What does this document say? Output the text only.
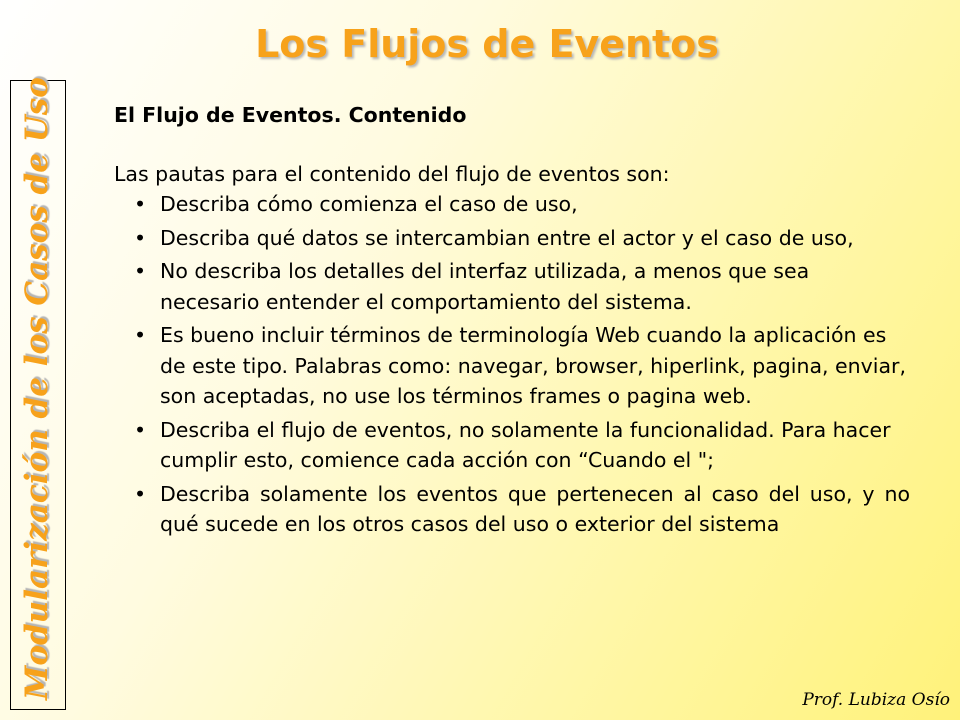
Los Flujos de Eventos
Modularización de los Casos de Uso	El Flujo de Eventos. Contenido

Las pautas para el contenido del flujo de eventos son:

• Describa cómo comienza el caso de uso,
• Describa qué datos se intercambian entre el actor y el caso de uso,
• No describa los detalles del interfaz utilizada, a menos que sea necesario entender el comportamiento del sistema.
• Es bueno incluir términos de terminología Web cuando la aplicación es de este tipo. Palabras como: navegar, browser, hiperlink, pagina, enviar, son aceptadas, no use los términos frames o pagina web.
• Describa el flujo de eventos, no solamente la funcionalidad. Para hacer cumplir esto, comience cada acción con “Cuando el ";
• Describa solamente los eventos que pertenecen al caso del uso, y no qué sucede en los otros casos del uso o exterior del sistema
Prof. Lubiza Osío
